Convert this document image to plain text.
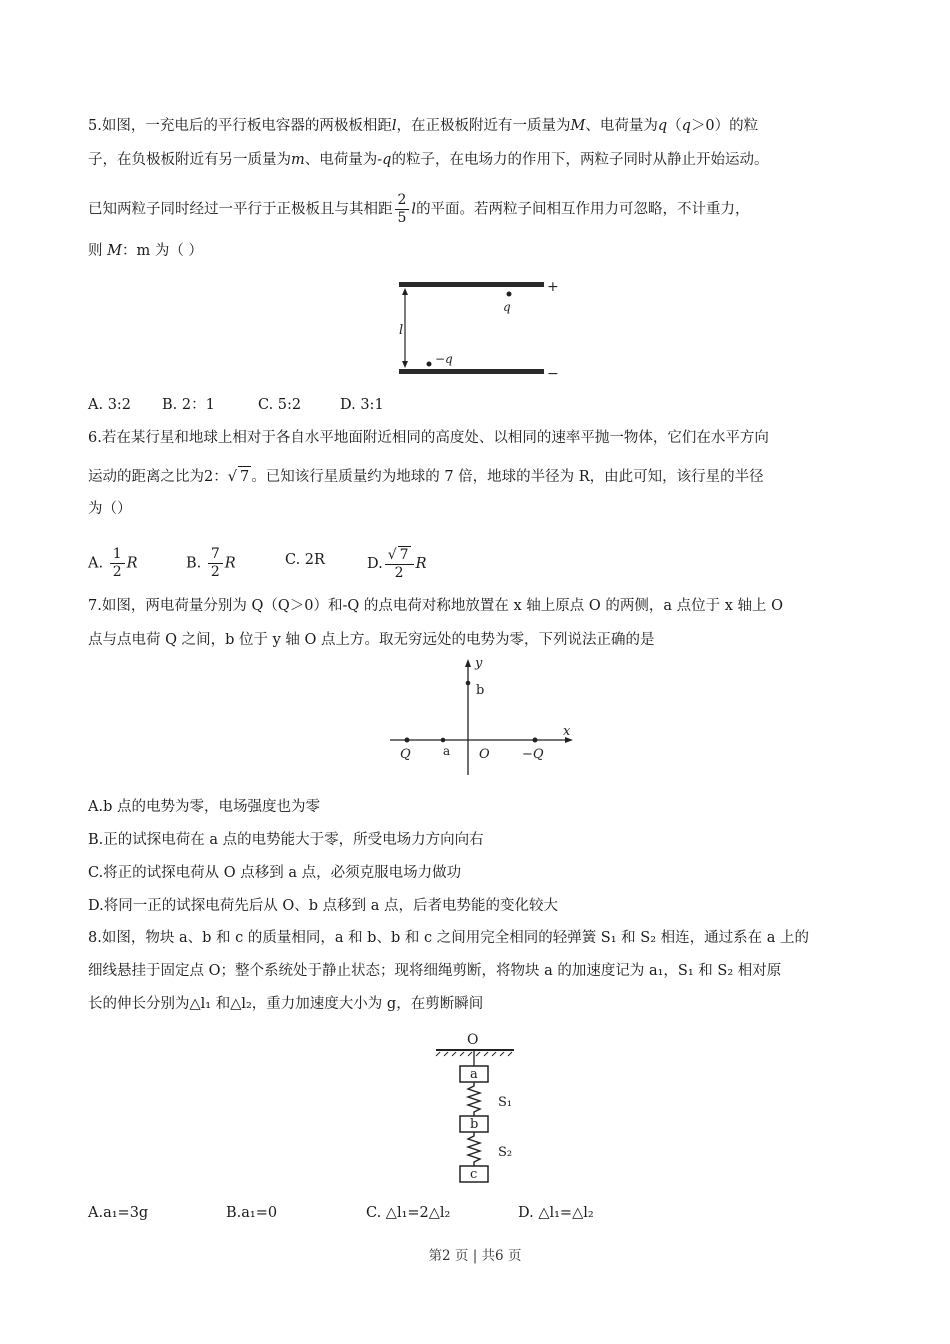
5.如图，一充电后的平行板电容器的两极板相距l，在正极板附近有一质量为M、电荷量为q（q＞0）的粒
子，在负极板附近有另一质量为m、电荷量为-q的粒子，在电场力的作用下，两粒子同时从静止开始运动。
已知两粒子同时经过一平行于正极板且与其相距 $\frac{2}{5}$ l的平面。若两粒子间相互作用力可忽略，不计重力，
则 M：m 为（ ）
+
−
l
q
−q
A. 3:2 B. 2：1	C. 5:2	D. 3:1
6.若在某行星和地球上相对于各自水平地面附近相同的高度处、以相同的速率平抛一物体，它们在水平方向
运动的距离之比为2：√ 7 。已知该行星质量约为地球的 7 倍，地球的半径为 R，由此可知，该行星的半径
为（）
A. $\frac{1}{2}$ R	B. $\frac{7}{2}$ R	C. 2R	D. $\frac{√ 7}{2}$ R
7.如图，两电荷量分别为 Q（Q＞0）和-Q 的点电荷对称地放置在 x 轴上原点 O 的两侧，a 点位于 x 轴上 O
点与点电荷 Q 之间，b 位于 y 轴 O 点上方。取无穷远处的电势为零，下列说法正确的是
y
b
Q	a O −Q
x
A.b 点的电势为零，电场强度也为零
B.正的试探电荷在 a 点的电势能大于零，所受电场力方向向右
C.将正的试探电荷从 O 点移到 a 点，必须克服电场力做功
D.将同一正的试探电荷先后从 O、b 点移到 a 点，后者电势能的变化较大
8.如图，物块 a、b 和 c 的质量相同，a 和 b、b 和 c 之间用完全相同的轻弹簧 S₁ 和 S₂ 相连，通过系在 a 上的
细线悬挂于固定点 O；整个系统处于静止状态；现将细绳剪断，将物块 a 的加速度记为 a₁，S₁ 和 S₂ 相对原
长的伸长分别为△l₁ 和△l₂，重力加速度大小为 g，在剪断瞬间
O
a
S₁
b
S₂
c
A.a₁=3g	B.a₁=0	C. △l₁=2△l₂	D. △l₁=△l₂
第2 页 | 共6 页
